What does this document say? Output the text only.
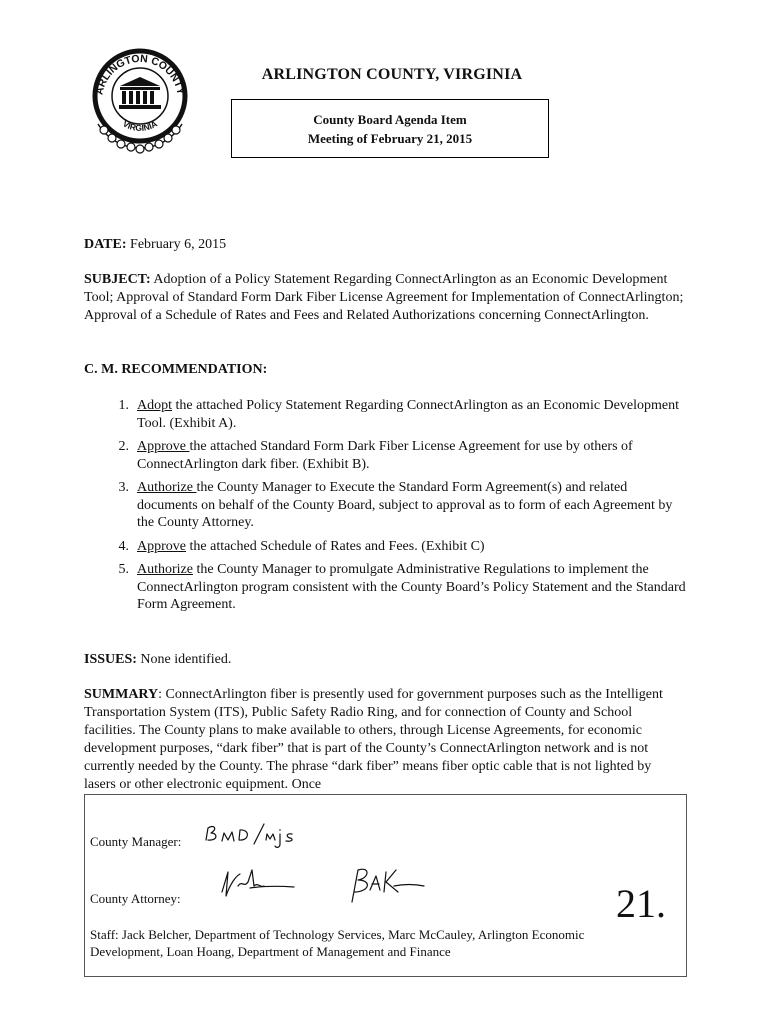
ARLINGTON COUNTY
VIRGINIA
ARLINGTON COUNTY, VIRGINIA
County Board Agenda Item
Meeting of February 21, 2015
DATE: February 6, 2015
SUBJECT: Adoption of a Policy Statement Regarding ConnectArlington as an Economic Development Tool; Approval of Standard Form Dark Fiber License Agreement for Implementation of ConnectArlington; Approval of a Schedule of Rates and Fees and Related Authorizations concerning ConnectArlington.
C. M. RECOMMENDATION:
1. Adopt the attached Policy Statement Regarding ConnectArlington as an Economic Development Tool. (Exhibit A).
2. Approve the attached Standard Form Dark Fiber License Agreement for use by others of ConnectArlington dark fiber. (Exhibit B).
3. Authorize the County Manager to Execute the Standard Form Agreement(s) and related documents on behalf of the County Board, subject to approval as to form of each Agreement by the County Attorney.
4. Approve the attached Schedule of Rates and Fees. (Exhibit C)
5. Authorize the County Manager to promulgate Administrative Regulations to implement the ConnectArlington program consistent with the County Board’s Policy Statement and the Standard Form Agreement.
ISSUES: None identified.
SUMMARY: ConnectArlington fiber is presently used for government purposes such as the Intelligent Transportation System (ITS), Public Safety Radio Ring, and for connection of County and School facilities. The County plans to make available to others, through License Agreements, for economic development purposes, “dark fiber” that is part of the County’s ConnectArlington network and is not currently needed by the County. The phrase “dark fiber” means fiber optic cable that is not lighted by lasers or other electronic equipment. Once
County Manager:
County Attorney:	21.
Staff: Jack Belcher, Department of Technology Services, Marc McCauley, Arlington Economic Development, Loan Hoang, Department of Management and Finance
